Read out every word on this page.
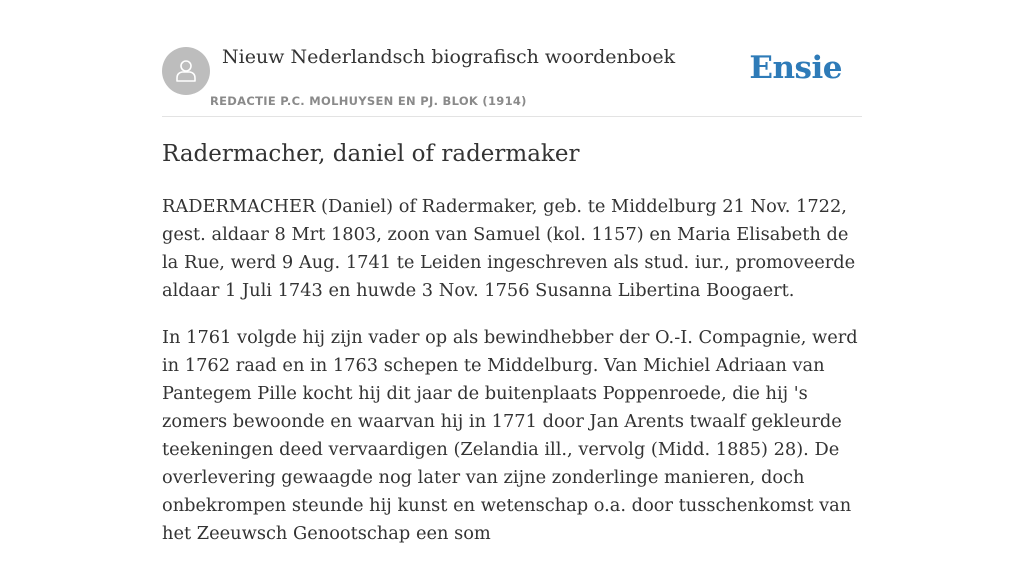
Nieuw Nederlandsch biografisch woordenboek
REDACTIE P.C. MOLHUYSEN EN PJ. BLOK (1914)
Ensie
Radermacher, daniel of radermaker

RADERMACHER (Daniel) of Radermaker, geb. te Middelburg 21 Nov. 1722, gest. aldaar 8 Mrt 1803, zoon van Samuel (kol. 1157) en Maria Elisabeth de la Rue, werd 9 Aug. 1741 te Leiden ingeschreven als stud. iur., promoveerde aldaar 1 Juli 1743 en huwde 3 Nov. 1756 Susanna Libertina Boogaert.

In 1761 volgde hij zijn vader op als bewindhebber der O.-I. Compagnie, werd in 1762 raad en in 1763 schepen te Middelburg. Van Michiel Adriaan van Pantegem Pille kocht hij dit jaar de buitenplaats Poppenroede, die hij 's zomers bewoonde en waarvan hij in 1771 door Jan Arents twaalf gekleurde teekeningen deed vervaardigen (Zelandia ill., vervolg (Midd. 1885) 28). De overlevering gewaagde nog later van zijne zonderlinge manieren, doch onbekrompen steunde hij kunst en wetenschap o.a. door tusschenkomst van het Zeeuwsch Genootschap een som
